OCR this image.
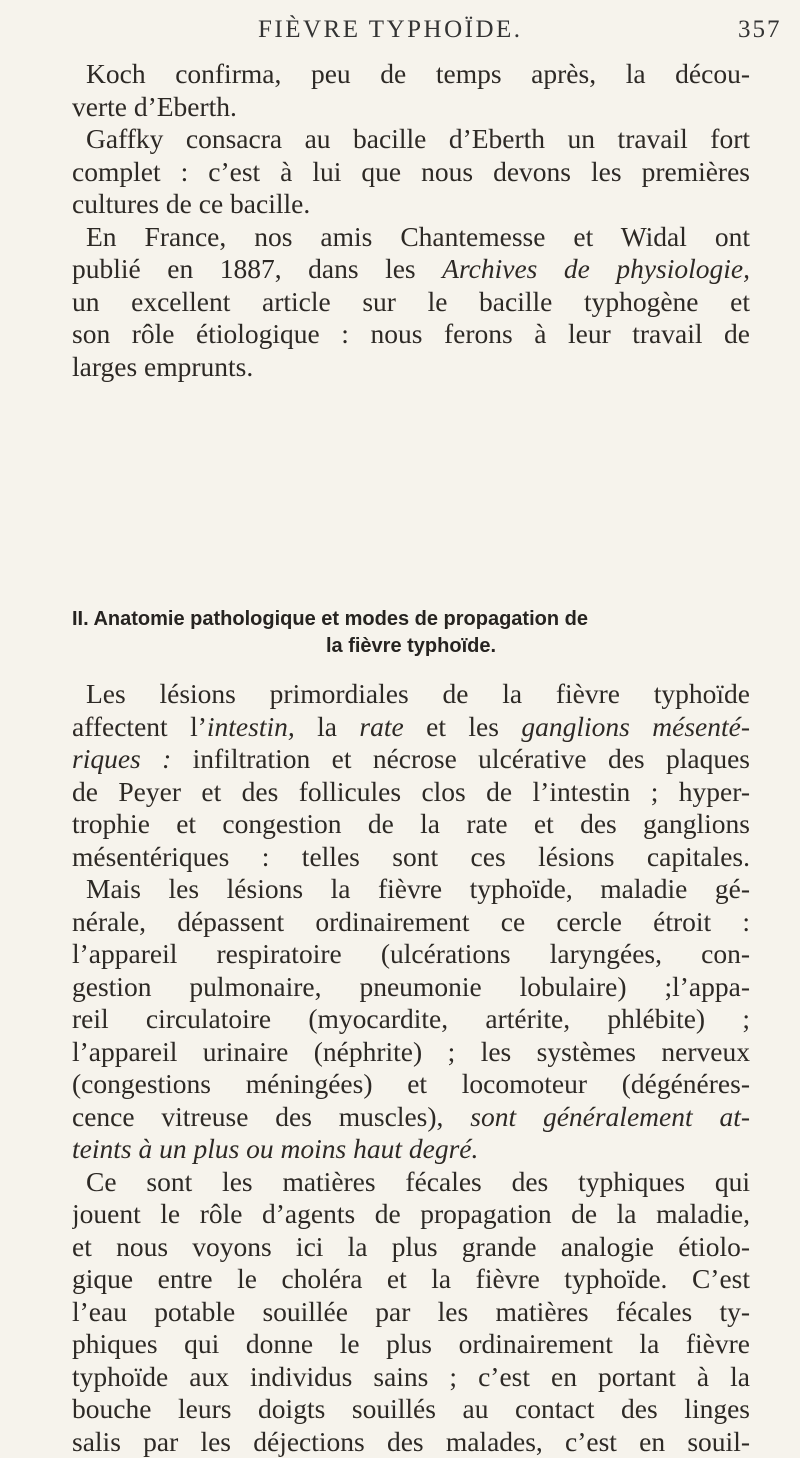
FIÈVRE TYPHOÏDE.	357
Koch confirma, peu de temps après, la décou-
verte d’Eberth.
Gaffky consacra au bacille d’Eberth un travail fort
complet : c’est à lui que nous devons les premières
cultures de ce bacille.
En France, nos amis Chantemesse et Widal ont
publié en 1887, dans les Archives de physiologie,
un excellent article sur le bacille typhogène et
son rôle étiologique : nous ferons à leur travail de
larges emprunts.
II. Anatomie pathologique et modes de propagation de
la fièvre typhoïde.
Les lésions primordiales de la fièvre typhoïde
affectent l’intestin, la rate et les ganglions mésenté-
riques : infiltration et nécrose ulcérative des plaques
de Peyer et des follicules clos de l’intestin ; hyper-
trophie et congestion de la rate et des ganglions
mésentériques : telles sont ces lésions capitales.
Mais les lésions la fièvre typhoïde, maladie gé-
nérale, dépassent ordinairement ce cercle étroit :
l’appareil respiratoire (ulcérations laryngées, con-
gestion pulmonaire, pneumonie lobulaire) ;l’appa-
reil circulatoire (myocardite, artérite, phlébite) ;
l’appareil urinaire (néphrite) ; les systèmes nerveux
(congestions méningées) et locomoteur (dégénéres-
cence vitreuse des muscles), sont généralement at-
teints à un plus ou moins haut degré.
Ce sont les matières fécales des typhiques qui
jouent le rôle d’agents de propagation de la maladie,
et nous voyons ici la plus grande analogie étiolo-
gique entre le choléra et la fièvre typhoïde. C’est
l’eau potable souillée par les matières fécales ty-
phiques qui donne le plus ordinairement la fièvre
typhoïde aux individus sains ; c’est en portant à la
bouche leurs doigts souillés au contact des linges
salis par les déjections des malades, c’est en souil-
